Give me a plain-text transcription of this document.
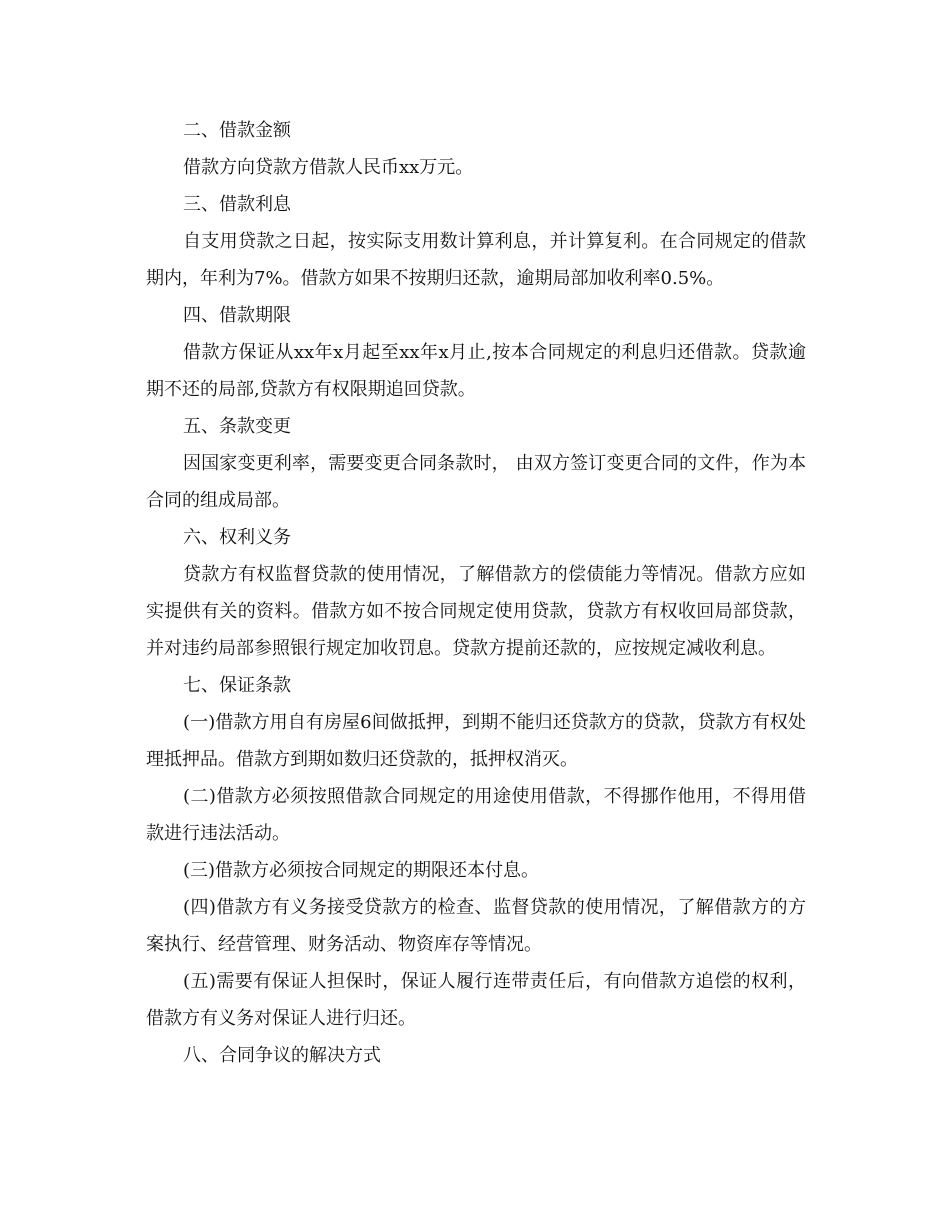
二、借款金额

借款方向贷款方借款人民币xx万元。

三、借款利息

自支用贷款之日起，按实际支用数计算利息，并计算复利。在合同规定的借款期内，年利为7%。借款方如果不按期归还款，逾期局部加收利率0.5%。

四、借款期限

借款方保证从xx年x月起至xx年x月止,按本合同规定的利息归还借款。贷款逾期不还的局部,贷款方有权限期追回贷款。

五、条款变更

因国家变更利率，需要变更合同条款时， 由双方签订变更合同的文件，作为本合同的组成局部。

六、权利义务

贷款方有权监督贷款的使用情况，了解借款方的偿债能力等情况。借款方应如实提供有关的资料。借款方如不按合同规定使用贷款，贷款方有权收回局部贷款，并对违约局部参照银行规定加收罚息。贷款方提前还款的，应按规定减收利息。

七、保证条款

(一)借款方用自有房屋6间做抵押，到期不能归还贷款方的贷款，贷款方有权处理抵押品。借款方到期如数归还贷款的，抵押权消灭。

(二)借款方必须按照借款合同规定的用途使用借款，不得挪作他用，不得用借款进行违法活动。

(三)借款方必须按合同规定的期限还本付息。

(四)借款方有义务接受贷款方的检查、监督贷款的使用情况，了解借款方的方案执行、经营管理、财务活动、物资库存等情况。

(五)需要有保证人担保时，保证人履行连带责任后，有向借款方追偿的权利，借款方有义务对保证人进行归还。

八、合同争议的解决方式
